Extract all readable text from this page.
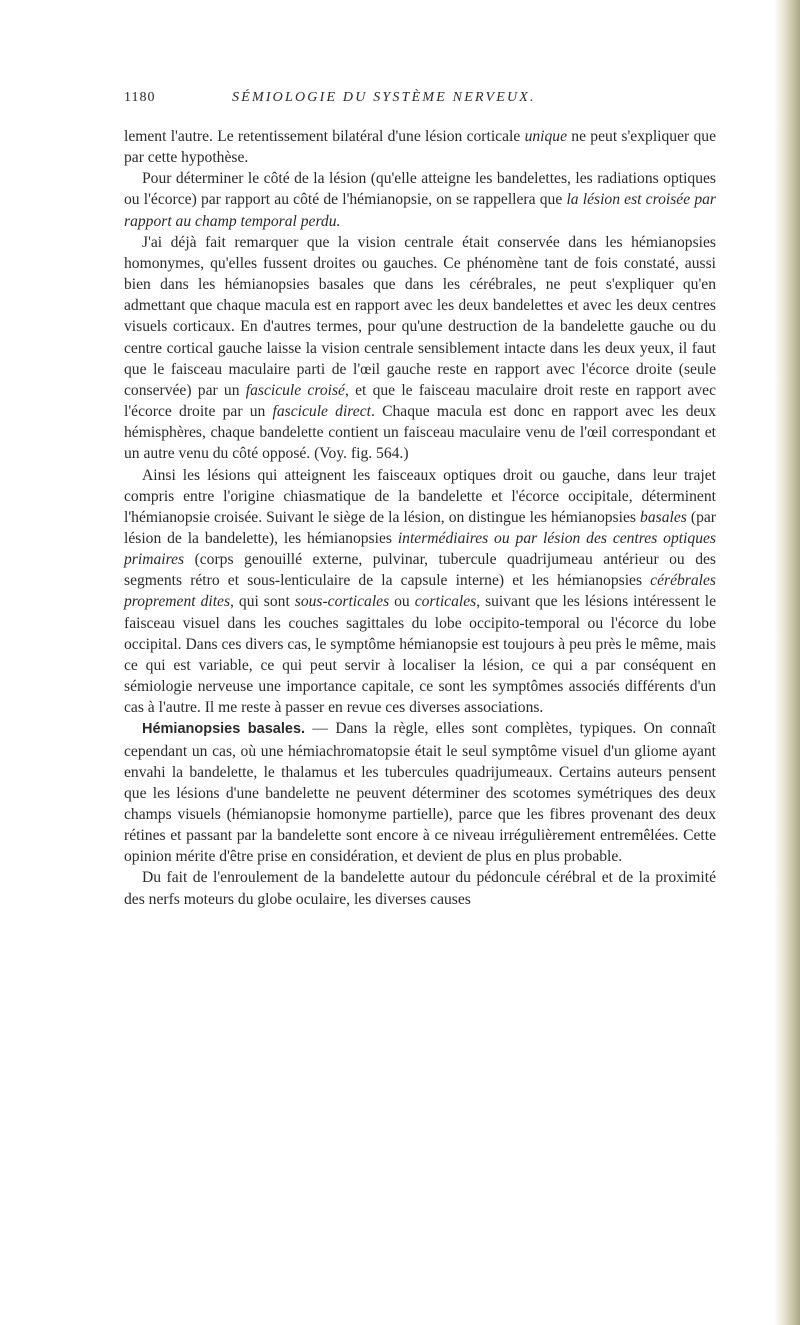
1180	SÉMIOLOGIE DU SYSTÈME NERVEUX.

lement l'autre. Le retentissement bilatéral d'une lésion corticale unique ne peut s'expliquer que par cette hypothèse.

Pour déterminer le côté de la lésion (qu'elle atteigne les bandelettes, les radiations optiques ou l'écorce) par rapport au côté de l'hémianopsie, on se rappellera que la lésion est croisée par rapport au champ temporal perdu.

J'ai déjà fait remarquer que la vision centrale était conservée dans les hémianopsies homonymes, qu'elles fussent droites ou gauches. Ce phénomène tant de fois constaté, aussi bien dans les hémianopsies basales que dans les cérébrales, ne peut s'expliquer qu'en admettant que chaque macula est en rapport avec les deux bandelettes et avec les deux centres visuels corticaux. En d'autres termes, pour qu'une destruction de la bandelette gauche ou du centre cortical gauche laisse la vision centrale sensiblement intacte dans les deux yeux, il faut que le faisceau maculaire parti de l'œil gauche reste en rapport avec l'écorce droite (seule conservée) par un fascicule croisé, et que le faisceau maculaire droit reste en rapport avec l'écorce droite par un fascicule direct. Chaque macula est donc en rapport avec les deux hémisphères, chaque bandelette contient un faisceau maculaire venu de l'œil correspondant et un autre venu du côté opposé. (Voy. fig. 564.)

Ainsi les lésions qui atteignent les faisceaux optiques droit ou gauche, dans leur trajet compris entre l'origine chiasmatique de la bandelette et l'écorce occipitale, déterminent l'hémianopsie croisée. Suivant le siège de la lésion, on distingue les hémianopsies basales (par lésion de la bandelette), les hémianopsies intermédiaires ou par lésion des centres optiques primaires (corps genouillé externe, pulvinar, tubercule quadrijumeau antérieur ou des segments rétro et sous-lenticulaire de la capsule interne) et les hémianopsies cérébrales proprement dites, qui sont sous-corticales ou corticales, suivant que les lésions intéressent le faisceau visuel dans les couches sagittales du lobe occipito-temporal ou l'écorce du lobe occipital. Dans ces divers cas, le symptôme hémianopsie est toujours à peu près le même, mais ce qui est variable, ce qui peut servir à localiser la lésion, ce qui a par conséquent en sémiologie nerveuse une importance capitale, ce sont les symptômes associés différents d'un cas à l'autre. Il me reste à passer en revue ces diverses associations.

Hémianopsies basales. — Dans la règle, elles sont complètes, typiques. On connaît cependant un cas, où une hémiachromatopsie était le seul symptôme visuel d'un gliome ayant envahi la bandelette, le thalamus et les tubercules quadrijumeaux. Certains auteurs pensent que les lésions d'une bandelette ne peuvent déterminer des scotomes symétriques des deux champs visuels (hémianopsie homonyme partielle), parce que les fibres provenant des deux rétines et passant par la bandelette sont encore à ce niveau irrégulièrement entremêlées. Cette opinion mérite d'être prise en considération, et devient de plus en plus probable.

Du fait de l'enroulement de la bandelette autour du pédoncule cérébral et de la proximité des nerfs moteurs du globe oculaire, les diverses causes
